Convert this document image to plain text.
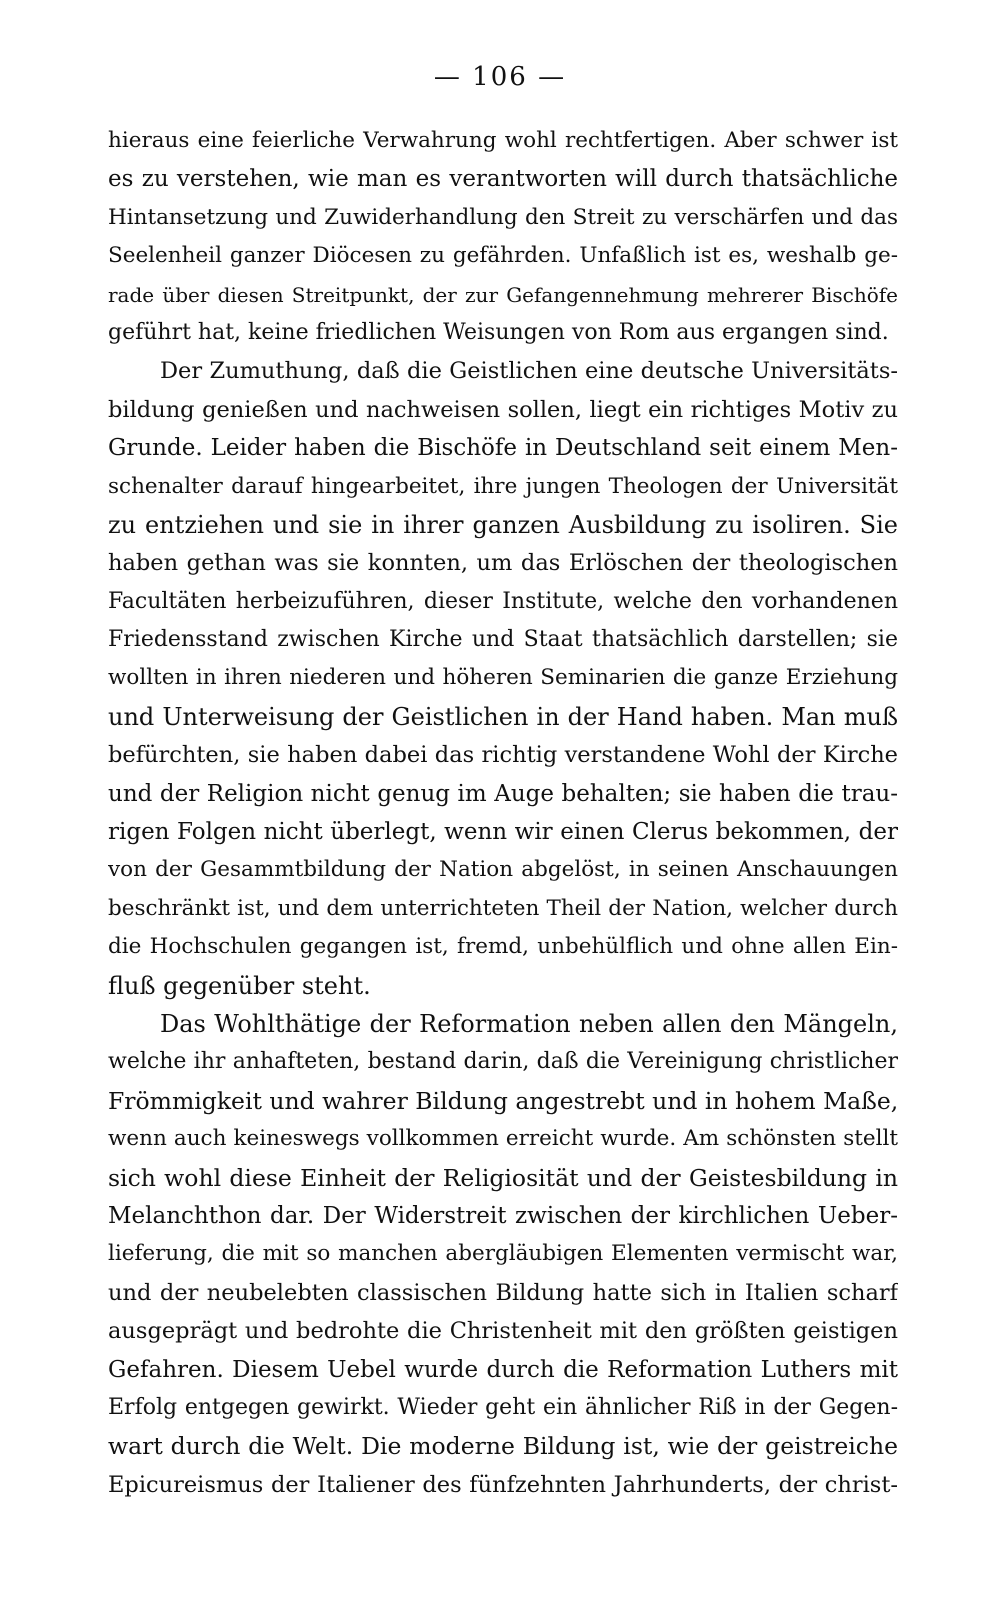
— 106 —
hieraus eine feierliche Verwahrung wohl rechtfertigen. Aber schwer ist
es zu verstehen, wie man es verantworten will durch thatsächliche
Hintansetzung und Zuwiderhandlung den Streit zu verschärfen und das
Seelenheil ganzer Diöcesen zu gefährden. Unfaßlich ist es, weshalb ge-
rade über diesen Streitpunkt, der zur Gefangennehmung mehrerer Bischöfe
geführt hat, keine friedlichen Weisungen von Rom aus ergangen sind.
Der Zumuthung, daß die Geistlichen eine deutsche Universitäts-
bildung genießen und nachweisen sollen, liegt ein richtiges Motiv zu
Grunde. Leider haben die Bischöfe in Deutschland seit einem Men-
schenalter darauf hingearbeitet, ihre jungen Theologen der Universität
zu entziehen und sie in ihrer ganzen Ausbildung zu isoliren. Sie
haben gethan was sie konnten, um das Erlöschen der theologischen
Facultäten herbeizuführen, dieser Institute, welche den vorhandenen
Friedensstand zwischen Kirche und Staat thatsächlich darstellen; sie
wollten in ihren niederen und höheren Seminarien die ganze Erziehung
und Unterweisung der Geistlichen in der Hand haben. Man muß
befürchten, sie haben dabei das richtig verstandene Wohl der Kirche
und der Religion nicht genug im Auge behalten; sie haben die trau-
rigen Folgen nicht überlegt, wenn wir einen Clerus bekommen, der
von der Gesammtbildung der Nation abgelöst, in seinen Anschauungen
beschränkt ist, und dem unterrichteten Theil der Nation, welcher durch
die Hochschulen gegangen ist, fremd, unbehülflich und ohne allen Ein-
fluß gegenüber steht.
Das Wohlthätige der Reformation neben allen den Mängeln,
welche ihr anhafteten, bestand darin, daß die Vereinigung christlicher
Frömmigkeit und wahrer Bildung angestrebt und in hohem Maße,
wenn auch keineswegs vollkommen erreicht wurde. Am schönsten stellt
sich wohl diese Einheit der Religiosität und der Geistesbildung in
Melanchthon dar. Der Widerstreit zwischen der kirchlichen Ueber-
lieferung, die mit so manchen abergläubigen Elementen vermischt war,
und der neubelebten classischen Bildung hatte sich in Italien scharf
ausgeprägt und bedrohte die Christenheit mit den größten geistigen
Gefahren. Diesem Uebel wurde durch die Reformation Luthers mit
Erfolg entgegen gewirkt. Wieder geht ein ähnlicher Riß in der Gegen-
wart durch die Welt. Die moderne Bildung ist, wie der geistreiche
Epicureismus der Italiener des fünfzehnten Jahrhunderts, der christ-
